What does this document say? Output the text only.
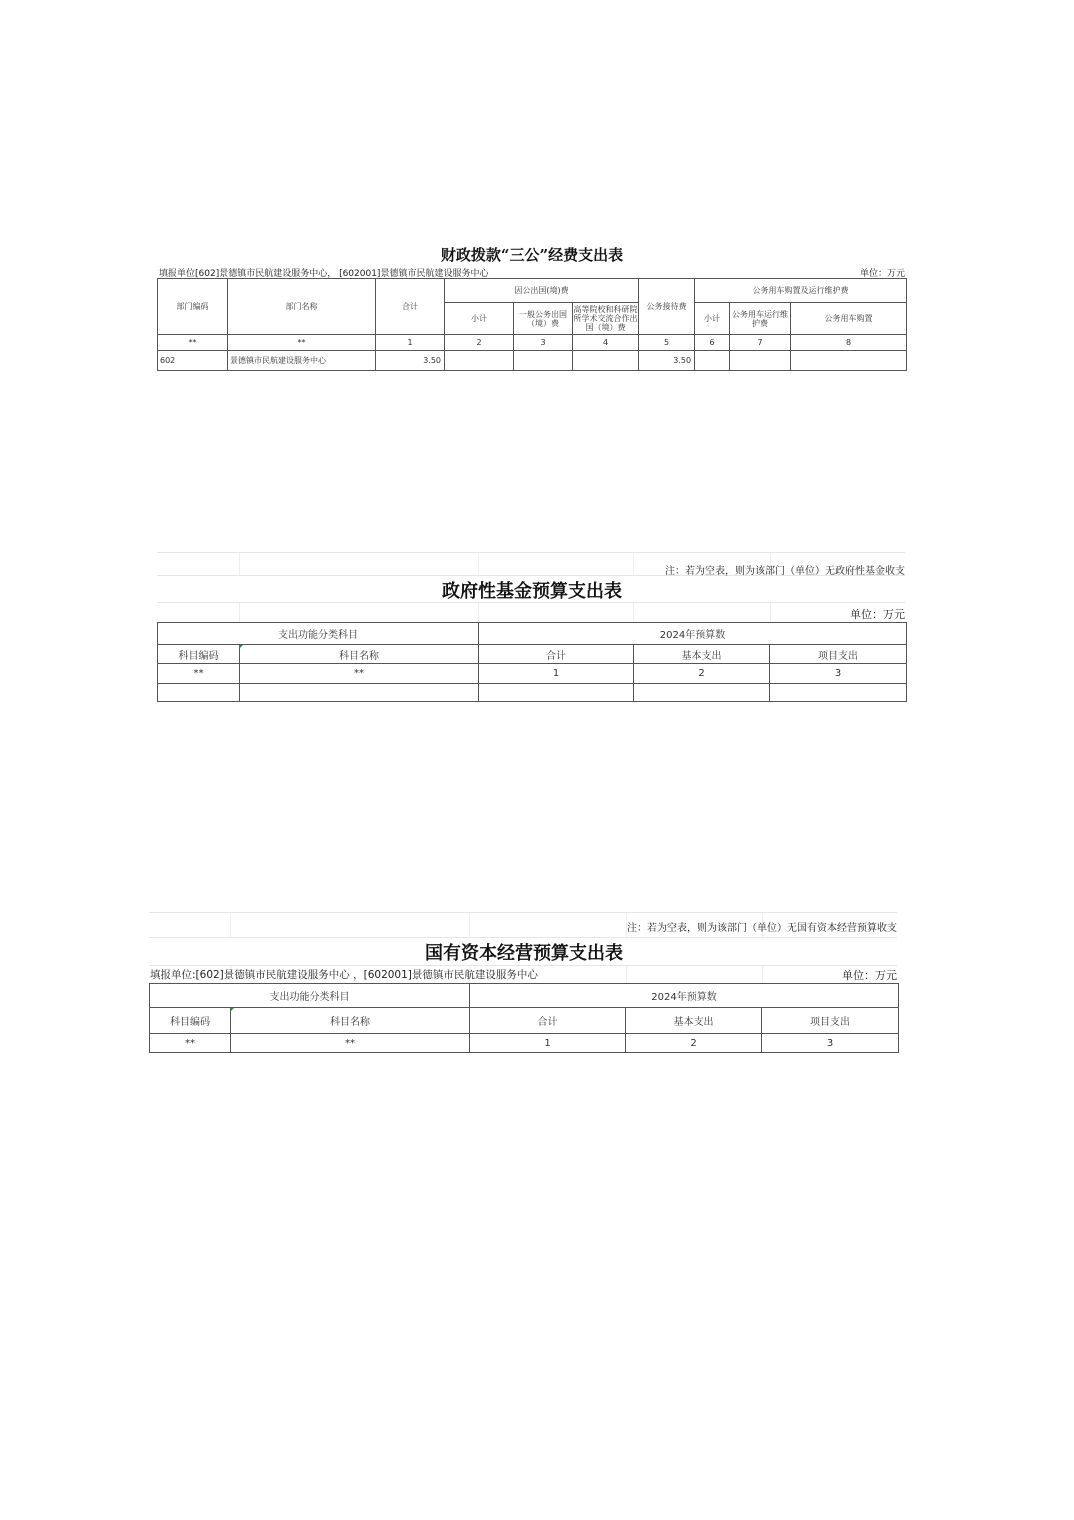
财政拨款“三公”经费支出表
填报单位[602]景德镇市民航建设服务中心， [602001]景德镇市民航建设服务中心	单位：万元
部门编码	部门名称	合计	因公出国(境)费			公务接待费	公务用车购置及运行维护费		
			小计	一般公务出国（境）费	高等院校和科研院所学术交流合作出国（境）费		小计	公务用车运行维护费	公务用车购置
**	**	1	2	3	4	5	6	7	8
602	景德镇市民航建设服务中心	3.50				3.50			
注：若为空表，则为该部门（单位）无政府性基金收支
政府性基金预算支出表
单位：万元
支出功能分类科目		2024年预算数		
科目编码	科目名称	合计	基本支出	项目支出
**	**	1	2	3

注：若为空表，则为该部门（单位）无国有资本经营预算收支
国有资本经营预算支出表
填报单位:[602]景德镇市民航建设服务中心 ，[602001]景德镇市民航建设服务中心	单位：万元
支出功能分类科目		2024年预算数		
科目编码	科目名称	合计	基本支出	项目支出
**	**	1	2	3
